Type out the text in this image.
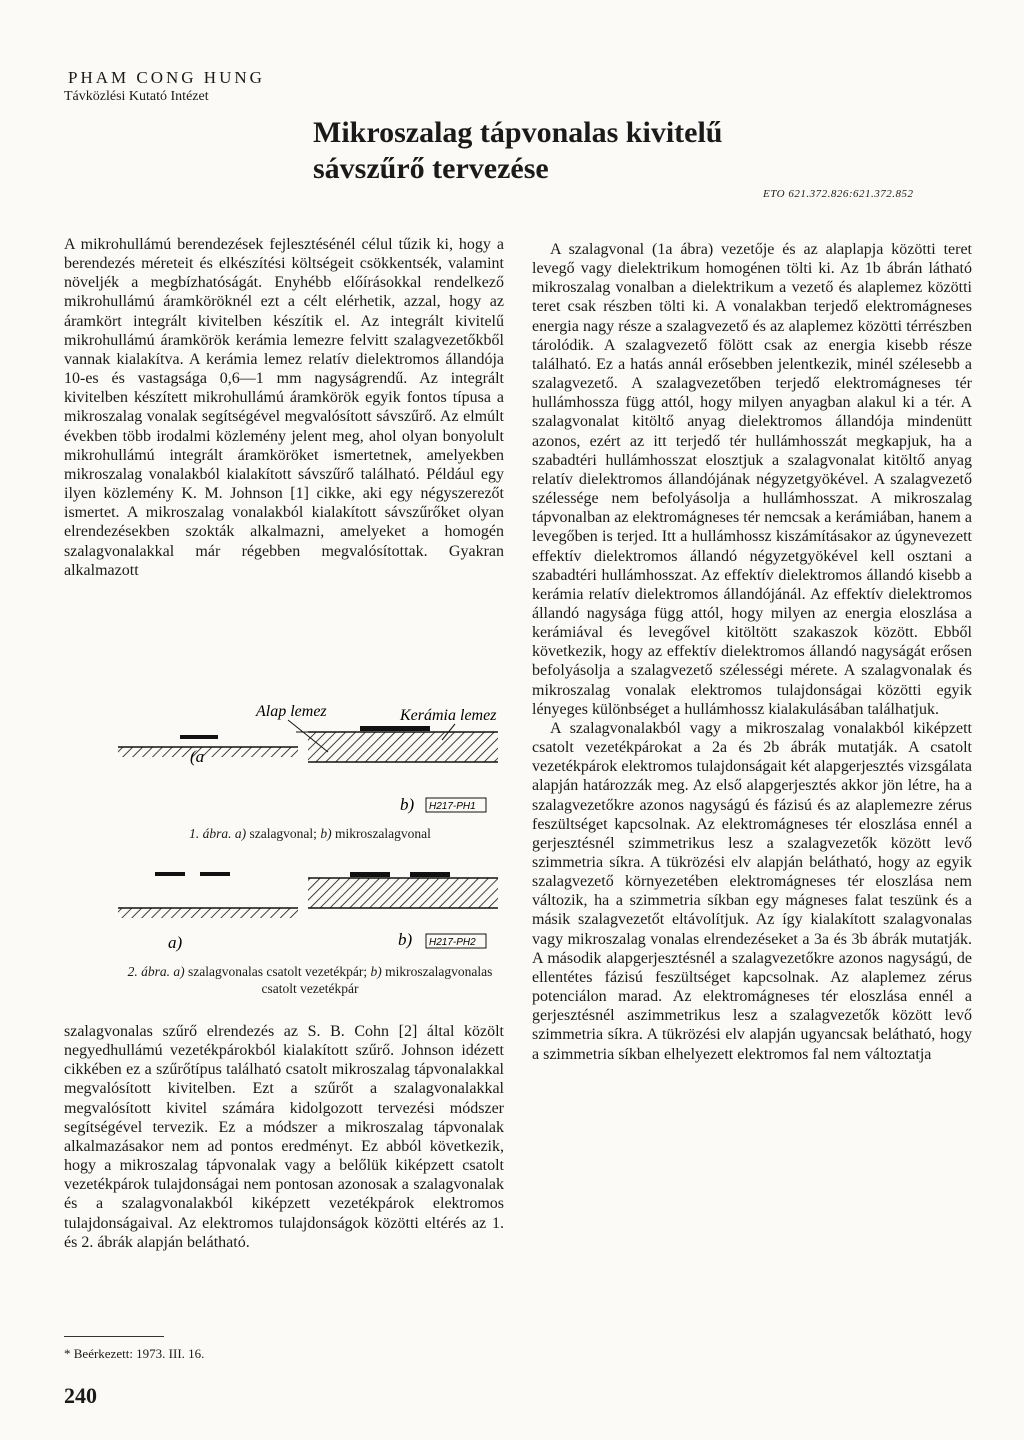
PHAM CONG HUNG
Távközlési Kutató Intézet
Mikroszalag tápvonalas kivitelű
sávszűrő tervezése
ETO 621.372.826:621.372.852

A mikrohullámú berendezések fejlesztésénél célul tűzik ki, hogy a berendezés méreteit és elkészítési költségeit csökkentsék, valamint növeljék a megbízhatóságát. Enyhébb előírásokkal rendelkező mikrohullámú áramköröknél ezt a célt elérhetik, azzal, hogy az áramkört integrált kivitelben készítik el. Az integrált kivitelű mikrohullámú áramkörök kerámia lemezre felvitt szalagvezetőkből vannak kialakítva. A kerámia lemez relatív dielektromos állandója 10-es és vastagsága 0,6—1 mm nagyságrendű. Az integrált kivitelben készített mikrohullámú áramkörök egyik fontos típusa a mikroszalag vonalak segítségével megvalósított sávszűrő. Az elmúlt években több irodalmi közlemény jelent meg, ahol olyan bonyolult mikrohullámú integrált áramköröket ismertetnek, amelyekben mikroszalag vonalakból kialakított sávszűrő található. Például egy ilyen közlemény K. M. Johnson [1] cikke, aki egy négyszerezőt ismertet. A mikroszalag vonalakból kialakított sávszűrőket olyan elrendezésekben szokták alkalmazni, amelyeket a homogén szalagvonalakkal már régebben megvalósítottak. Gyakran alkalmazott

(a
Alap lemez	Kerámia lemez
b) H217-PH1
1. ábra. a) szalagvonal; b) mikroszalagvonal
a)	b) H217-PH2
2. ábra. a) szalagvonalas csatolt vezetékpár; b) mikroszalagvonalas csatolt vezetékpár

szalagvonalas szűrő elrendezés az S. B. Cohn [2] által közölt negyedhullámú vezetékpárokból kialakított szűrő. Johnson idézett cikkében ez a szűrőtípus található csatolt mikroszalag tápvonalakkal megvalósított kivitelben. Ezt a szűrőt a szalagvonalakkal megvalósított kivitel számára kidolgozott tervezési módszer segítségével tervezik. Ez a módszer a mikroszalag tápvonalak alkalmazásakor nem ad pontos eredményt. Ez abból következik, hogy a mikroszalag tápvonalak vagy a belőlük kiképzett csatolt vezetékpárok tulajdonságai nem pontosan azonosak a szalagvonalak és a szalagvonalakból kiképzett vezetékpárok elektromos tulajdonságaival. Az elektromos tulajdonságok közötti eltérés az 1. és 2. ábrák alapján belátható.

A szalagvonal (1a ábra) vezetője és az alaplapja közötti teret levegő vagy dielektrikum homogénen tölti ki. Az 1b ábrán látható mikroszalag vonalban a dielektrikum a vezető és alaplemez közötti teret csak részben tölti ki. A vonalakban terjedő elektromágneses energia nagy része a szalagvezető és az alaplemez közötti térrészben tárolódik. A szalagvezető fölött csak az energia kisebb része található. Ez a hatás annál erősebben jelentkezik, minél szélesebb a szalagvezető. A szalagvezetőben terjedő elektromágneses tér hullámhossza függ attól, hogy milyen anyagban alakul ki a tér. A szalagvonalat kitöltő anyag dielektromos állandója mindenütt azonos, ezért az itt terjedő tér hullámhosszát megkapjuk, ha a szabadtéri hullámhosszat elosztjuk a szalagvonalat kitöltő anyag relatív dielektromos állandójának négyzetgyökével. A szalagvezető szélessége nem befolyásolja a hullámhosszat. A mikroszalag tápvonalban az elektromágneses tér nemcsak a kerámiában, hanem a levegőben is terjed. Itt a hullámhossz kiszámításakor az úgynevezett effektív dielektromos állandó négyzetgyökével kell osztani a szabadtéri hullámhosszat. Az effektív dielektromos állandó kisebb a kerámia relatív dielektromos állandójánál. Az effektív dielektromos állandó nagysága függ attól, hogy milyen az energia eloszlása a kerámiával és levegővel kitöltött szakaszok között. Ebből következik, hogy az effektív dielektromos állandó nagyságát erősen befolyásolja a szalagvezető szélességi mérete. A szalagvonalak és mikroszalag vonalak elektromos tulajdonságai közötti egyik lényeges különbséget a hullámhossz kialakulásában találhatjuk.

A szalagvonalakból vagy a mikroszalag vonalakból kiképzett csatolt vezetékpárokat a 2a és 2b ábrák mutatják. A csatolt vezetékpárok elektromos tulajdonságait két alapgerjesztés vizsgálata alapján határozzák meg. Az első alapgerjesztés akkor jön létre, ha a szalagvezetőkre azonos nagyságú és fázisú és az alaplemezre zérus feszültséget kapcsolnak. Az elektromágneses tér eloszlása ennél a gerjesztésnél szimmetrikus lesz a szalagvezetők között levő szimmetria síkra. A tükrözési elv alapján belátható, hogy az egyik szalagvezető környezetében elektromágneses tér eloszlása nem változik, ha a szimmetria síkban egy mágneses falat teszünk és a másik szalagvezetőt eltávolítjuk. Az így kialakított szalagvonalas vagy mikroszalag vonalas elrendezéseket a 3a és 3b ábrák mutatják. A második alapgerjesztésnél a szalagvezetőkre azonos nagyságú, de ellentétes fázisú feszültséget kapcsolnak. Az alaplemez zérus potenciálon marad. Az elektromágneses tér eloszlása ennél a gerjesztésnél aszimmetrikus lesz a szalagvezetők között levő szimmetria síkra. A tükrözési elv alapján ugyancsak belátható, hogy a szimmetria síkban elhelyezett elektromos fal nem változtatja

* Beérkezett: 1973. III. 16.
240
